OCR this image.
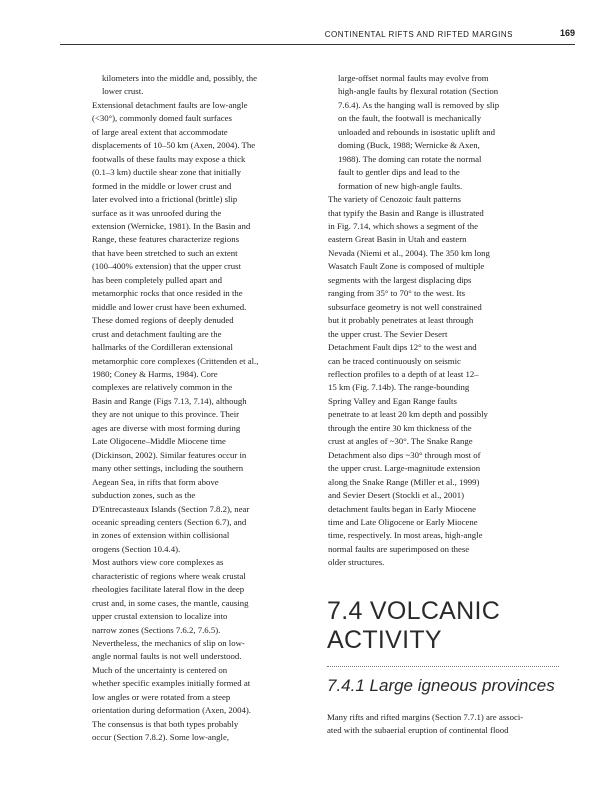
CONTINENTAL RIFTS AND RIFTED MARGINS	169

kilometers into the middle and, possibly, the
lower crust.

Extensional detachment faults are low-angle
(<30°), commonly domed fault surfaces
of large areal extent that accommodate
displacements of 10–50 km (Axen, 2004). The
footwalls of these faults may expose a thick
(0.1–3 km) ductile shear zone that initially
formed in the middle or lower crust and
later evolved into a frictional (brittle) slip
surface as it was unroofed during the
extension (Wernicke, 1981). In the Basin and
Range, these features characterize regions
that have been stretched to such an extent
(100–400% extension) that the upper crust
has been completely pulled apart and
metamorphic rocks that once resided in the
middle and lower crust have been exhumed.
These domed regions of deeply denuded
crust and detachment faulting are the
hallmarks of the Cordilleran extensional
metamorphic core complexes (Crittenden et al.,
1980; Coney & Harms, 1984). Core
complexes are relatively common in the
Basin and Range (Figs 7.13, 7.14), although
they are not unique to this province. Their
ages are diverse with most forming during
Late Oligocene–Middle Miocene time
(Dickinson, 2002). Similar features occur in
many other settings, including the southern
Aegean Sea, in rifts that form above
subduction zones, such as the
D'Entrecasteaux Islands (Section 7.8.2), near
oceanic spreading centers (Section 6.7), and
in zones of extension within collisional
orogens (Section 10.4.4).

Most authors view core complexes as
characteristic of regions where weak crustal
rheologies facilitate lateral flow in the deep
crust and, in some cases, the mantle, causing
upper crustal extension to localize into
narrow zones (Sections 7.6.2, 7.6.5).
Nevertheless, the mechanics of slip on low-
angle normal faults is not well understood.
Much of the uncertainty is centered on
whether specific examples initially formed at
low angles or were rotated from a steep
orientation during deformation (Axen, 2004).
The consensus is that both types probably
occur (Section 7.8.2). Some low-angle,

large-offset normal faults may evolve from
high-angle faults by flexural rotation (Section
7.6.4). As the hanging wall is removed by slip
on the fault, the footwall is mechanically
unloaded and rebounds in isostatic uplift and
doming (Buck, 1988; Wernicke & Axen,
1988). The doming can rotate the normal
fault to gentler dips and lead to the
formation of new high-angle faults.

The variety of Cenozoic fault patterns
that typify the Basin and Range is illustrated
in Fig. 7.14, which shows a segment of the
eastern Great Basin in Utah and eastern
Nevada (Niemi et al., 2004). The 350 km long
Wasatch Fault Zone is composed of multiple
segments with the largest displacing dips
ranging from 35° to 70° to the west. Its
subsurface geometry is not well constrained
but it probably penetrates at least through
the upper crust. The Sevier Desert
Detachment Fault dips 12° to the west and
can be traced continuously on seismic
reflection profiles to a depth of at least 12–
15 km (Fig. 7.14b). The range-bounding
Spring Valley and Egan Range faults
penetrate to at least 20 km depth and possibly
through the entire 30 km thickness of the
crust at angles of ~30°. The Snake Range
Detachment also dips ~30° through most of
the upper crust. Large-magnitude extension
along the Snake Range (Miller et al., 1999)
and Sevier Desert (Stockli et al., 2001)
detachment faults began in Early Miocene
time and Late Oligocene or Early Miocene
time, respectively. In most areas, high-angle
normal faults are superimposed on these
older structures.

7.4 VOLCANIC
ACTIVITY
7.4.1 Large igneous provinces
Many rifts and rifted margins (Section 7.7.1) are associ-
ated with the subaerial eruption of continental flood
